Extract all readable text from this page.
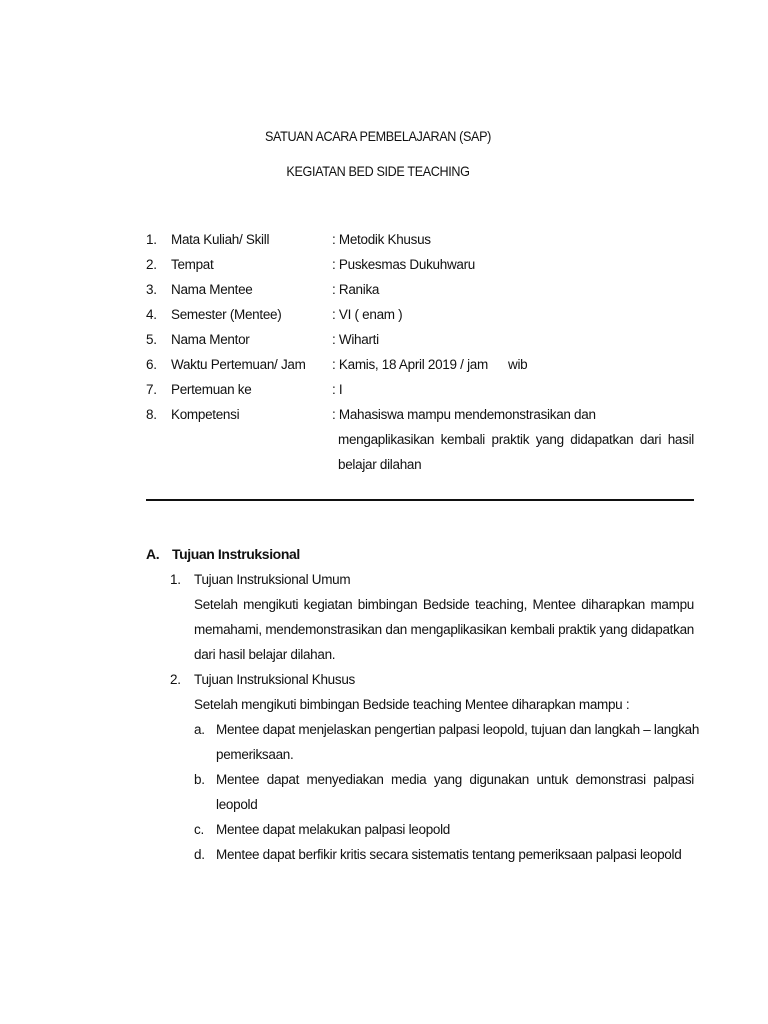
SATUAN ACARA PEMBELAJARAN (SAP)
KEGIATAN BED SIDE TEACHING
1. Mata Kuliah/ Skill	: Metodik Khusus
2. Tempat	: Puskesmas Dukuhwaru
3. Nama Mentee	: Ranika
4. Semester (Mentee)	: VI ( enam )
5. Nama Mentor	: Wiharti
6. Waktu Pertemuan/ Jam : Kamis, 18 April 2019 / jam wib
7. Pertemuan ke	: I
8. Kompetensi	: Mahasiswa mampu mendemonstrasikan dan
mengaplikasikan kembali praktik yang didapatkan dari hasil
belajar dilahan
A. Tujuan Instruksional
1. Tujuan Instruksional Umum
Setelah mengikuti kegiatan bimbingan Bedside teaching, Mentee diharapkan mampu
memahami, mendemonstrasikan dan mengaplikasikan kembali praktik yang didapatkan
dari hasil belajar dilahan.
2. Tujuan Instruksional Khusus
Setelah mengikuti bimbingan Bedside teaching Mentee diharapkan mampu :
a. Mentee dapat menjelaskan pengertian palpasi leopold, tujuan dan langkah – langkah
pemeriksaan.
b. Mentee dapat menyediakan media yang digunakan untuk demonstrasi palpasi
leopold
c. Mentee dapat melakukan palpasi leopold
d. Mentee dapat berfikir kritis secara sistematis tentang pemeriksaan palpasi leopold
